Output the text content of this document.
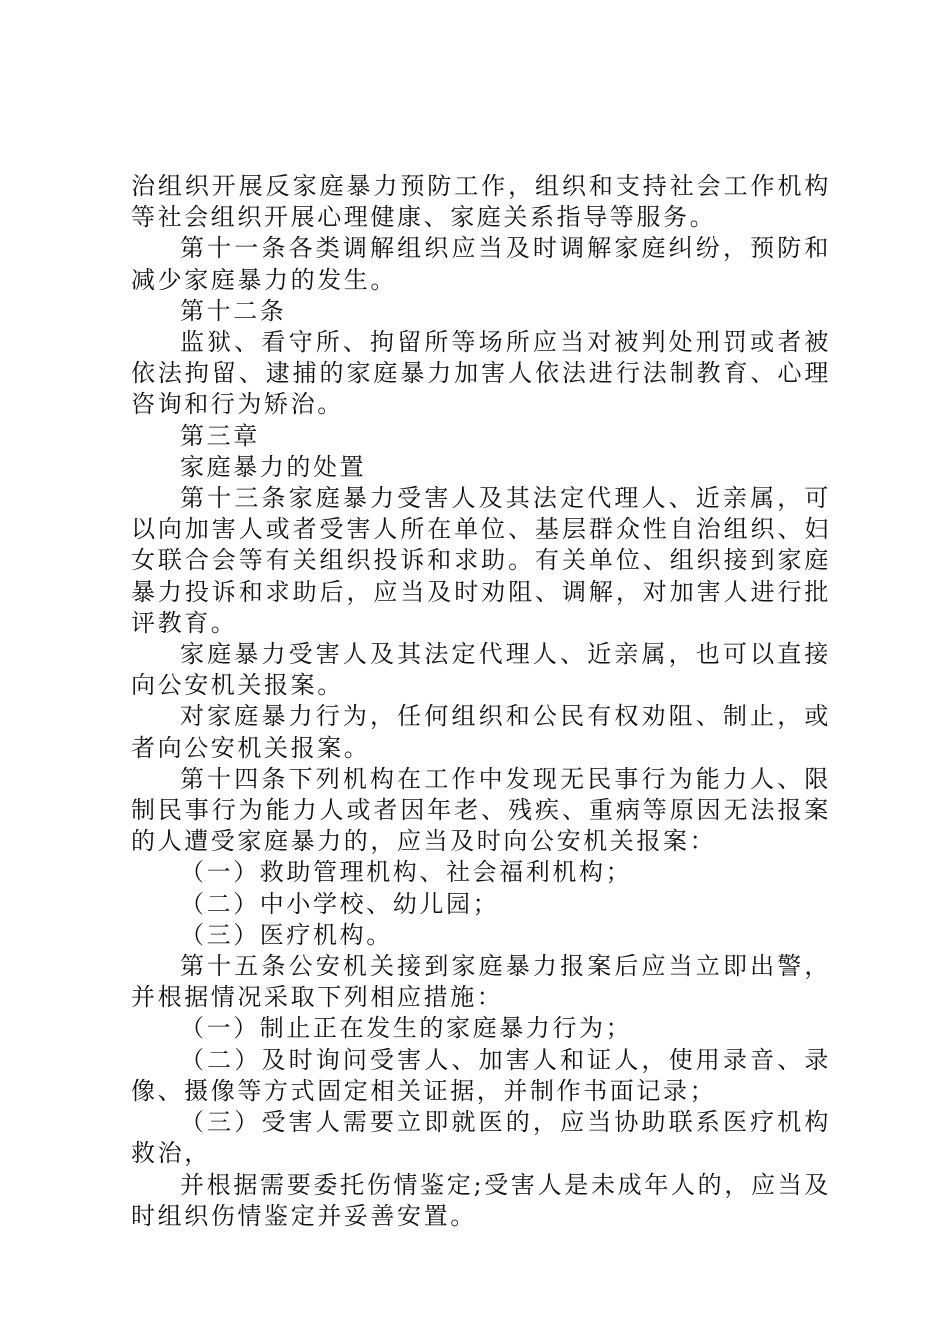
治组织开展反家庭暴力预防工作，组织和支持社会工作机构等社会组织开展心理健康、家庭关系指导等服务。

第十一条各类调解组织应当及时调解家庭纠纷，预防和减少家庭暴力的发生。

第十二条

监狱、看守所、拘留所等场所应当对被判处刑罚或者被依法拘留、逮捕的家庭暴力加害人依法进行法制教育、心理咨询和行为矫治。

第三章

家庭暴力的处置

第十三条家庭暴力受害人及其法定代理人、近亲属，可以向加害人或者受害人所在单位、基层群众性自治组织、妇女联合会等有关组织投诉和求助。有关单位、组织接到家庭暴力投诉和求助后，应当及时劝阻、调解，对加害人进行批评教育。

家庭暴力受害人及其法定代理人、近亲属，也可以直接向公安机关报案。

对家庭暴力行为，任何组织和公民有权劝阻、制止，或者向公安机关报案。

第十四条下列机构在工作中发现无民事行为能力人、限制民事行为能力人或者因年老、残疾、重病等原因无法报案的人遭受家庭暴力的，应当及时向公安机关报案：

（一）救助管理机构、社会福利机构；

（二）中小学校、幼儿园；

（三）医疗机构。

第十五条公安机关接到家庭暴力报案后应当立即出警，并根据情况采取下列相应措施：

（一）制止正在发生的家庭暴力行为；

（二）及时询问受害人、加害人和证人，使用录音、录像、摄像等方式固定相关证据，并制作书面记录；

（三）受害人需要立即就医的，应当协助联系医疗机构救治，

并根据需要委托伤情鉴定;受害人是未成年人的，应当及时组织伤情鉴定并妥善安置。
